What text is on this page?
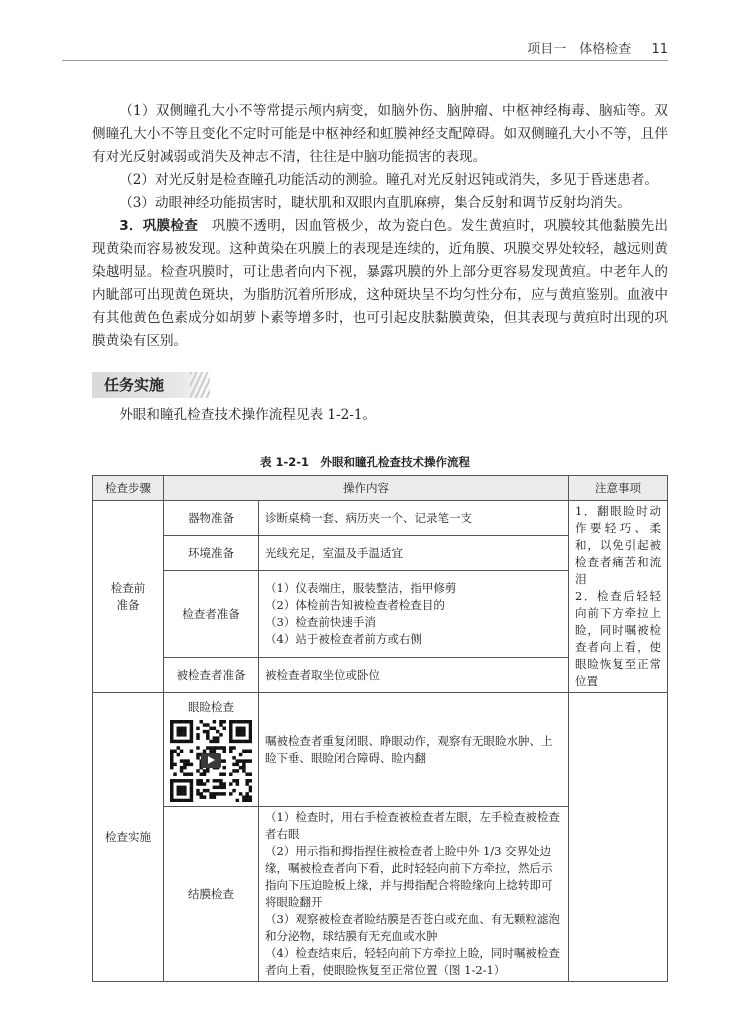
项目一　体格检查 11

（1）双侧瞳孔大小不等常提示颅内病变，如脑外伤、脑肿瘤、中枢神经梅毒、脑疝等。双侧瞳孔大小不等且变化不定时可能是中枢神经和虹膜神经支配障碍。如双侧瞳孔大小不等，且伴有对光反射减弱或消失及神志不清，往往是中脑功能损害的表现。

（2）对光反射是检查瞳孔功能活动的测验。瞳孔对光反射迟钝或消失，多见于昏迷患者。

（3）动眼神经功能损害时，睫状肌和双眼内直肌麻痹，集合反射和调节反射均消失。

3．巩膜检查　 巩膜不透明，因血管极少，故为瓷白色。发生黄疸时，巩膜较其他黏膜先出现黄染而容易被发现。这种黄染在巩膜上的表现是连续的，近角膜、巩膜交界处较轻，越远则黄染越明显。检查巩膜时，可让患者向内下视，暴露巩膜的外上部分更容易发现黄疸。中老年人的内眦部可出现黄色斑块，为脂肪沉着所形成，这种斑块呈不均匀性分布，应与黄疸鉴别。血液中有其他黄色色素成分如胡萝卜素等增多时，也可引起皮肤黏膜黄染，但其表现与黄疸时出现的巩膜黄染有区别。

任务实施
外眼和瞳孔检查技术操作流程见表 1-2-1。
表 1-2-1　外眼和瞳孔检查技术操作流程
检查步骤	操作内容		注意事项
检查前
准备	器物准备	诊断桌椅一套、病历夹一个、记录笔一支	1．翻眼睑时动作要轻巧、柔和，以免引起被检查者痛苦和流泪
2．检查后轻轻向前下方牵拉上睑，同时嘱被检查者向上看，使眼睑恢复至正常位置
	环境准备	光线充足，室温及手温适宜	
	检查者准备	（1）仪表端庄，服装整洁，指甲修剪
（2）体检前告知被检查者检查目的
（3）检查前快速手消
（4）站于被检查者前方或右侧	

	被检查者准备	被检查者取坐位或卧位	
检查实施	眼睑检查	嘱被检查者重复闭眼、睁眼动作，观察有无眼睑水肿、上睑下垂、眼睑闭合障碍、睑内翻	
	结膜检查	（1）检查时，用右手检查被检查者左眼，左手检查被检查者右眼
（2）用示指和拇指捏住被检查者上睑中外 1/3 交界处边缘，嘱被检查者向下看，此时轻轻向前下方牵拉，然后示指向下压迫睑板上缘，并与拇指配合将睑缘向上捻转即可将眼睑翻开
（3）观察被检查者睑结膜是否苍白或充血、有无颗粒滤泡和分泌物，球结膜有无充血或水肿
（4）检查结束后，轻轻向前下方牵拉上睑，同时嘱被检查者向上看，使眼睑恢复至正常位置（图 1-2-1）	
